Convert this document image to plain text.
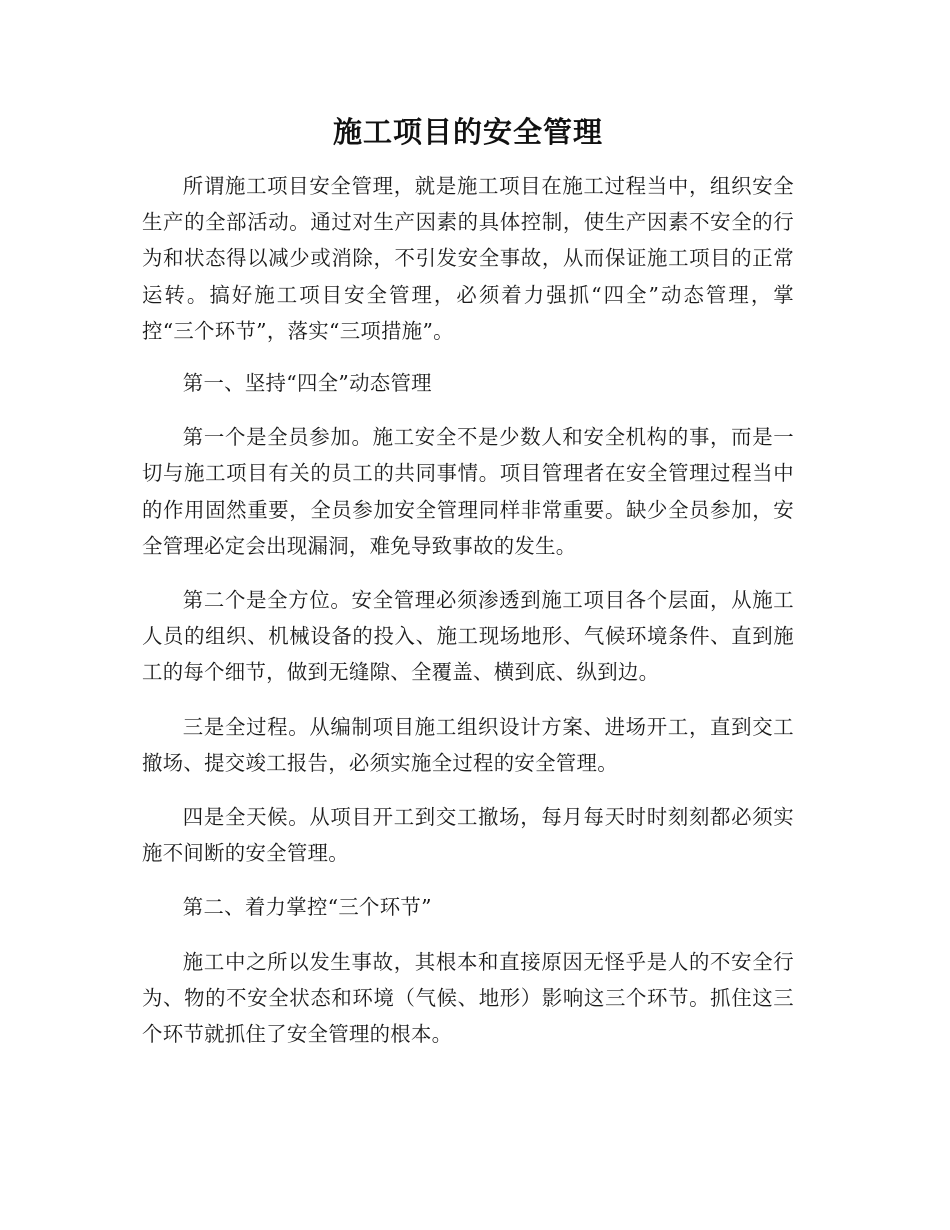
施工项目的安全管理

所谓施工项目安全管理，就是施工项目在施工过程当中，组织安全生产的全部活动。通过对生产因素的具体控制，使生产因素不安全的行为和状态得以减少或消除，不引发安全事故，从而保证施工项目的正常运转。搞好施工项目安全管理，必须着力强抓“四全”动态管理，掌控“三个环节”，落实“三项措施”。

第一、坚持“四全”动态管理

第一个是全员参加。施工安全不是少数人和安全机构的事，而是一切与施工项目有关的员工的共同事情。项目管理者在安全管理过程当中的作用固然重要，全员参加安全管理同样非常重要。缺少全员参加，安全管理必定会出现漏洞，难免导致事故的发生。

第二个是全方位。安全管理必须渗透到施工项目各个层面，从施工人员的组织、机械设备的投入、施工现场地形、气候环境条件、直到施工的每个细节，做到无缝隙、全覆盖、横到底、纵到边。

三是全过程。从编制项目施工组织设计方案、进场开工，直到交工撤场、提交竣工报告，必须实施全过程的安全管理。

四是全天候。从项目开工到交工撤场，每月每天时时刻刻都必须实施不间断的安全管理。

第二、着力掌控“三个环节”

施工中之所以发生事故，其根本和直接原因无怪乎是人的不安全行为、物的不安全状态和环境（气候、地形）影响这三个环节。抓住这三个环节就抓住了安全管理的根本。
